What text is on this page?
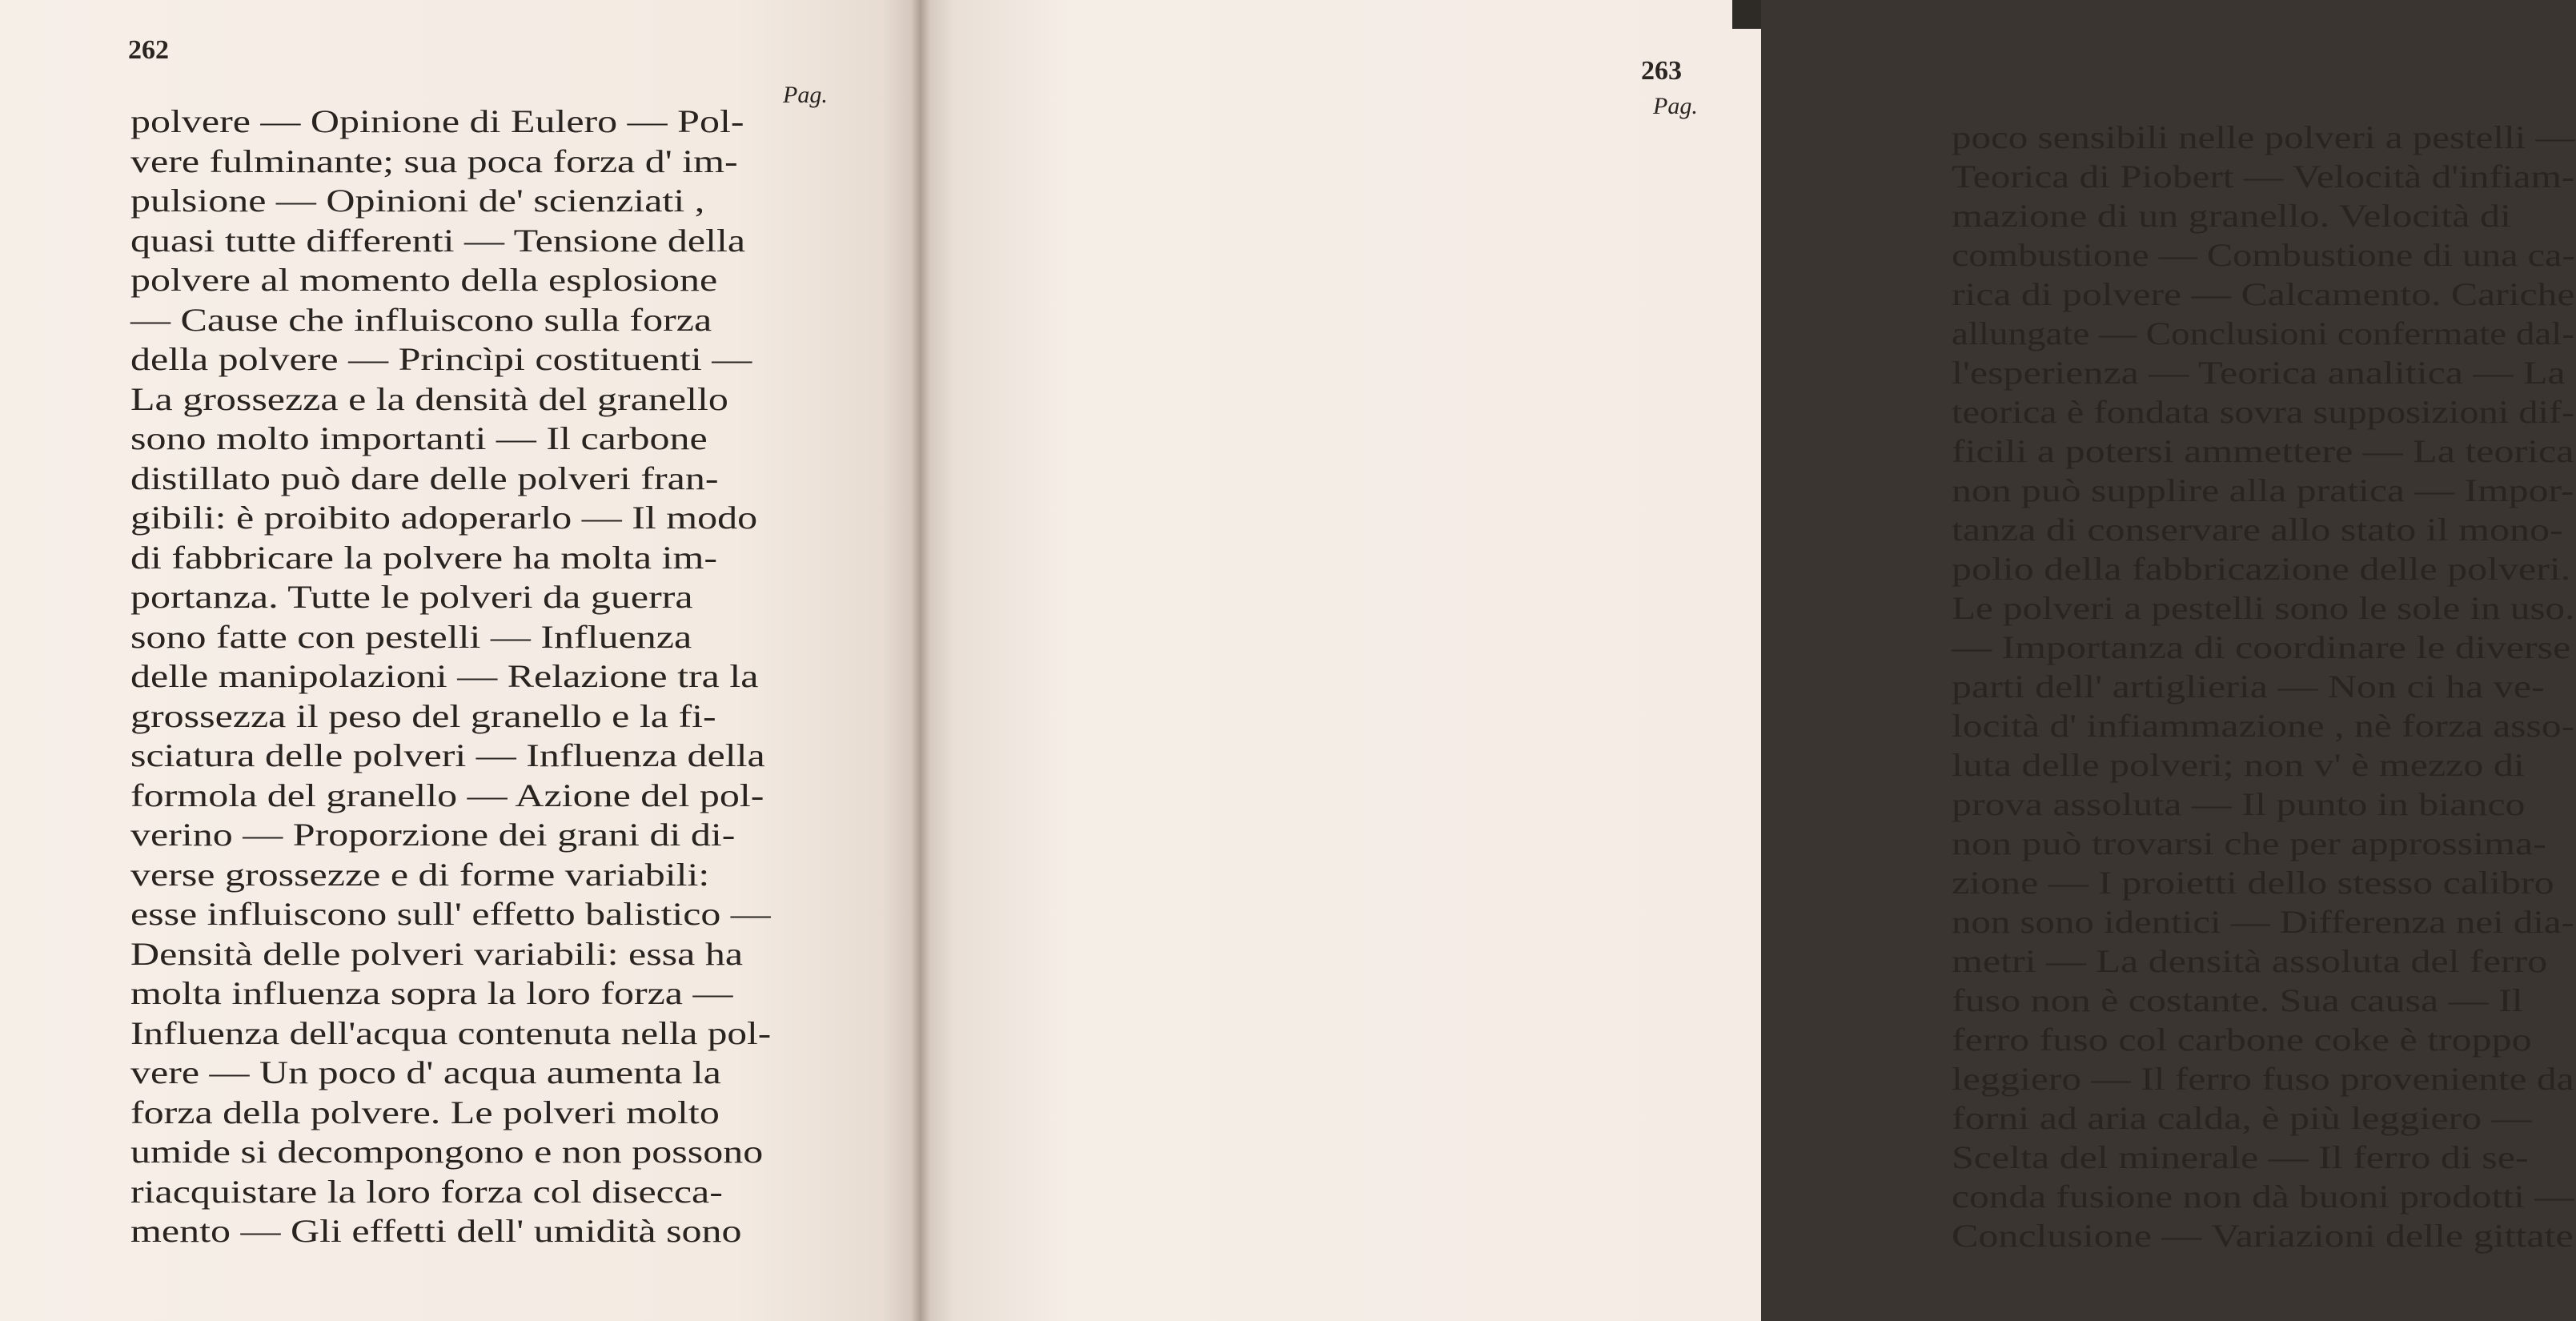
262
Pag.
polvere — Opinione di Eulero — Pol-
vere fulminante; sua poca forza d' im-
pulsione — Opinioni de' scienziati ,
quasi tutte differenti — Tensione della
polvere al momento della esplosione
— Cause che influiscono sulla forza
della polvere — Princìpi costituenti —
La grossezza e la densità del granello
sono molto importanti — Il carbone
distillato può dare delle polveri fran-
gibili: è proibito adoperarlo — Il modo
di fabbricare la polvere ha molta im-
portanza. Tutte le polveri da guerra
sono fatte con pestelli — Influenza
delle manipolazioni — Relazione tra la
grossezza il peso del granello e la fi-
sciatura delle polveri — Influenza della
formola del granello — Azione del pol-
verino — Proporzione dei grani di di-
verse grossezze e di forme variabili:
esse influiscono sull' effetto balistico —
Densità delle polveri variabili: essa ha
molta influenza sopra la loro forza —
Influenza dell'acqua contenuta nella pol-
vere — Un poco d' acqua aumenta la
forza della polvere. Le polveri molto
umide si decompongono e non possono
riacquistare la loro forza col disecca-
mento — Gli effetti dell' umidità sono
263
Pag.
poco sensibili nelle polveri a pestelli —
Teorica di Piobert — Velocità d'infiam-
mazione di un granello. Velocità di
combustione — Combustione di una ca-
rica di polvere — Calcamento. Cariche
allungate — Conclusioni confermate dal-
l'esperienza — Teorica analitica — La
teorica è fondata sovra supposizioni dif-
ficili a potersi ammettere — La teorica
non può supplire alla pratica — Impor-
tanza di conservare allo stato il mono-
polio della fabbricazione delle polveri.
Le polveri a pestelli sono le sole in uso.
— Importanza di coordinare le diverse
parti dell' artiglieria — Non ci ha ve-
locità d' infiammazione , nè forza asso-
luta delle polveri; non v' è mezzo di
prova assoluta — Il punto in bianco
non può trovarsi che per approssima-
zione — I proietti dello stesso calibro
non sono identici — Differenza nei dia-
metri — La densità assoluta del ferro
fuso non è costante. Sua causa — Il
ferro fuso col carbone coke è troppo
leggiero — Il ferro fuso proveniente da
forni ad aria calda, è più leggiero —
Scelta del minerale — Il ferro di se-
conda fusione non dà buoni prodotti —
Conclusione — Variazioni delle gittate
